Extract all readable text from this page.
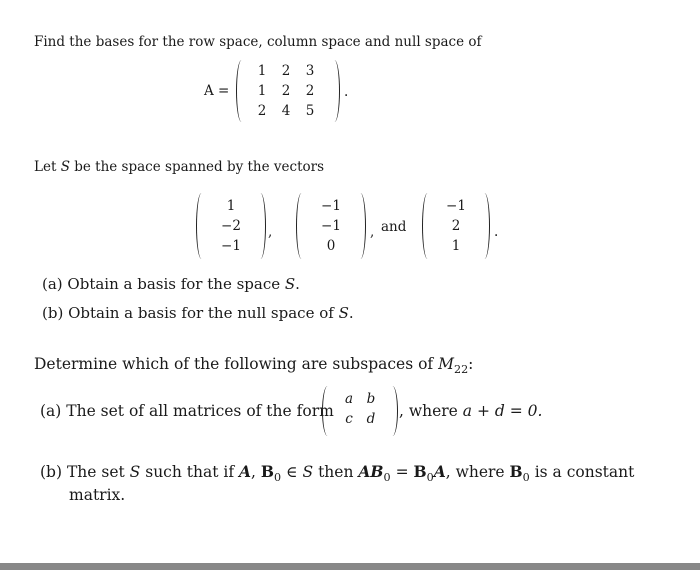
Find the bases for the row space, column space and null space of
A =
1	2	3
1	2	2
2	4	5
.
Let S be the space spanned by the vectors
1
−2
−1
,
−1
−1
0
, and
−1
2
1
.
(a) Obtain a basis for the space S.
(b) Obtain a basis for the null space of S.
Determine which of the following are subspaces of $M_{22}$:
(a) The set of all matrices of the form
a	b
c	d	, where a + d = 0.
(b) The set S such that if A, $B_0$ ∈ S then $AB_0 = B_0A$, where $B_0$ is a constant
matrix.
